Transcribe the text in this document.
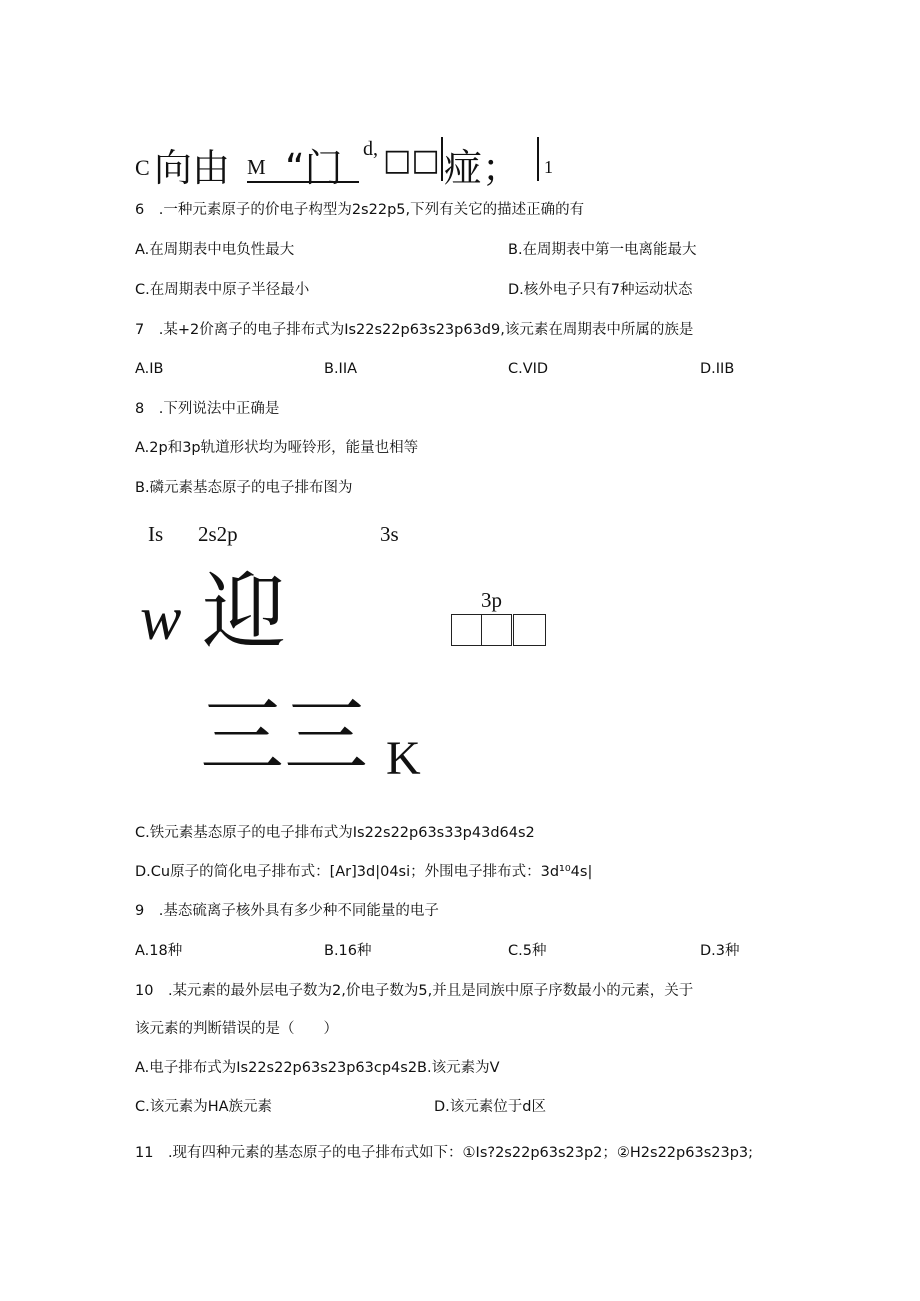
C 向由 M “门 d, □□ 痖； 1
6 .一种元素原子的价电子构型为2s22p5,下列有关它的描述正确的有
A.在周期表中电负性最大	B.在周期表中第一电离能最大
C.在周期表中原子半径最小	D.核外电子只有7种运动状态
7 .某+2价离子的电子排布式为Is22s22p63s23p63d9,该元素在周期表中所属的族是
A.IB	B.IIA	C.VID	D.IIB
8 .下列说法中正确是
A.2p和3p轨道形状均为哑铃形，能量也相等
B.磷元素基态原子的电子排布图为
Is 2s2p	3s
3p
w 迎
三三 K
C.铁元素基态原子的电子排布式为Is22s22p63s33p43d64s2
D.Cu原子的简化电子排布式：[Ar]3d|04si；外围电子排布式：3d¹⁰4s|
9 .基态硫离子核外具有多少种不同能量的电子
A.18种	B.16种	C.5种	D.3种
10 .某元素的最外层电子数为2,价电子数为5,并且是同族中原子序数最小的元素，关于
该元素的判断错误的是（  ）
A.电子排布式为Is22s22p63s23p63cp4s2B.该元素为V
C.该元素为HA族元素	D.该元素位于d区
11 .现有四种元素的基态原子的电子排布式如下：①Is?2s22p63s23p2；②H2s22p63s23p3;
